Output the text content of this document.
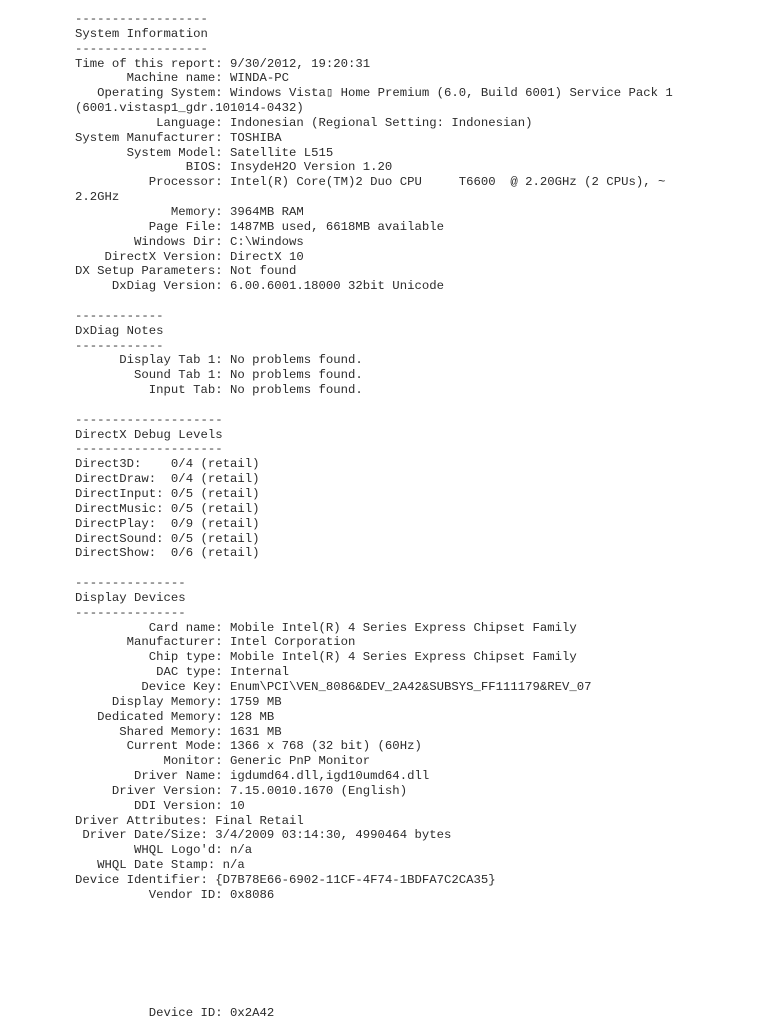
------------------
System Information
------------------
Time of this report: 9/30/2012, 19:20:31
Machine name: WINDA-PC
Operating System: Windows Vista▯ Home Premium (6.0, Build 6001) Service Pack 1
(6001.vistasp1_gdr.101014-0432)
Language: Indonesian (Regional Setting: Indonesian)
System Manufacturer: TOSHIBA
System Model: Satellite L515
BIOS: InsydeH2O Version 1.20
Processor: Intel(R) Core(TM)2 Duo CPU     T6600  @ 2.20GHz (2 CPUs), ~
2.2GHz
Memory: 3964MB RAM
Page File: 1487MB used, 6618MB available
Windows Dir: C:\Windows
DirectX Version: DirectX 10
DX Setup Parameters: Not found
DxDiag Version: 6.00.6001.18000 32bit Unicode

------------
DxDiag Notes
------------
Display Tab 1: No problems found.
Sound Tab 1: No problems found.
Input Tab: No problems found.

--------------------
DirectX Debug Levels
--------------------
Direct3D:    0/4 (retail)
DirectDraw:  0/4 (retail)
DirectInput: 0/5 (retail)
DirectMusic: 0/5 (retail)
DirectPlay:  0/9 (retail)
DirectSound: 0/5 (retail)
DirectShow:  0/6 (retail)

---------------
Display Devices
---------------
Card name: Mobile Intel(R) 4 Series Express Chipset Family
Manufacturer: Intel Corporation
Chip type: Mobile Intel(R) 4 Series Express Chipset Family
DAC type: Internal
Device Key: Enum\PCI\VEN_8086&DEV_2A42&SUBSYS_FF111179&REV_07
Display Memory: 1759 MB
Dedicated Memory: 128 MB
Shared Memory: 1631 MB
Current Mode: 1366 x 768 (32 bit) (60Hz)
Monitor: Generic PnP Monitor
Driver Name: igdumd64.dll,igd10umd64.dll
Driver Version: 7.15.0010.1670 (English)
DDI Version: 10
Driver Attributes: Final Retail
Driver Date/Size: 3/4/2009 03:14:30, 4990464 bytes
WHQL Logo'd: n/a
WHQL Date Stamp: n/a
Device Identifier: {D7B78E66-6902-11CF-4F74-1BDFA7C2CA35}
Vendor ID: 0x8086
Device ID: 0x2A42
